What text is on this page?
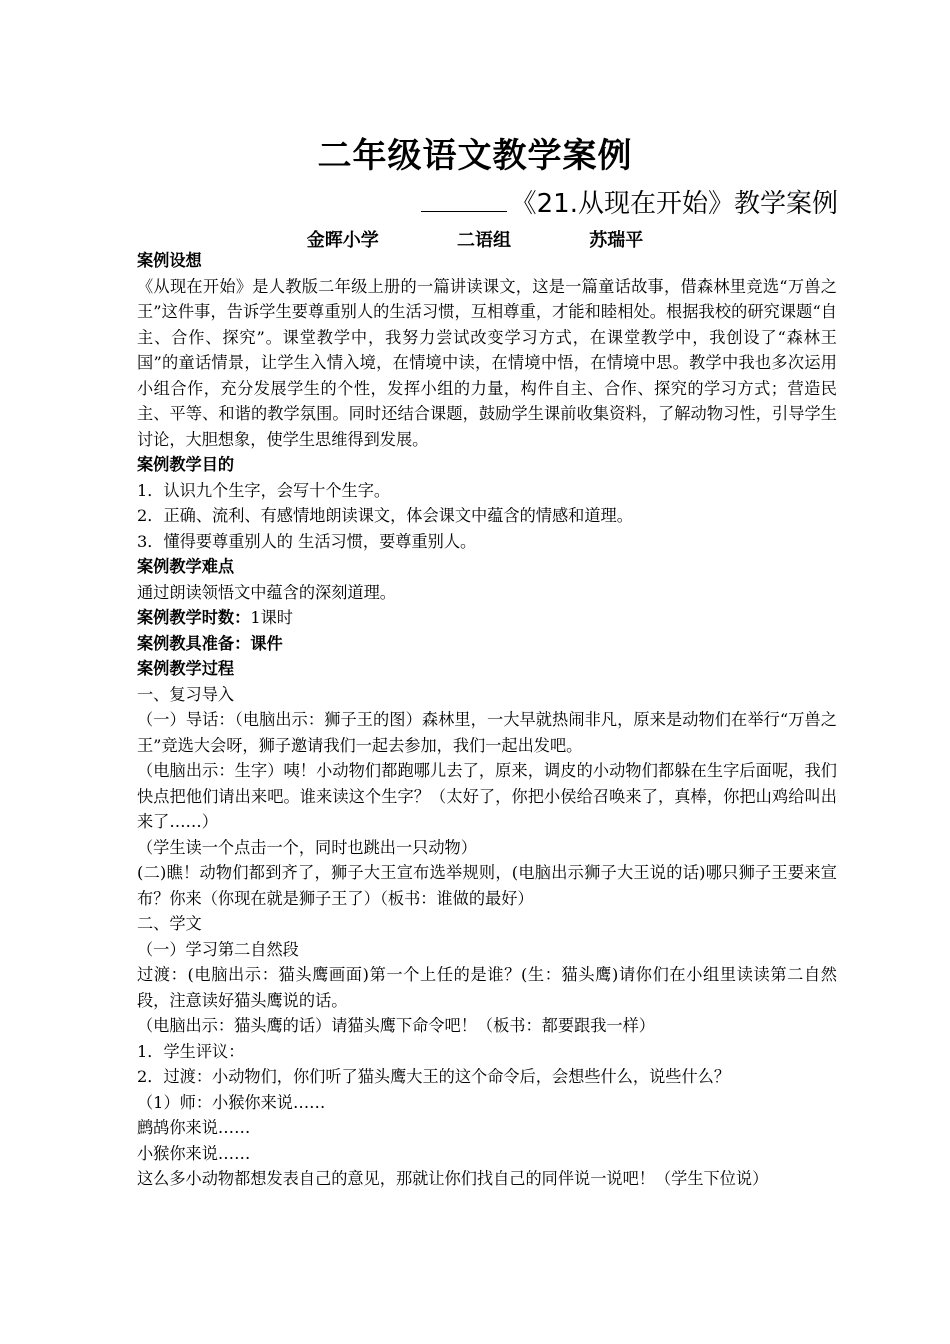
二年级语文教学案例
《21.从现在开始》教学案例
金晖小学	二语组	苏瑞平

案例设想

《从现在开始》是人教版二年级上册的一篇讲读课文，这是一篇童话故事，借森林里竞选“万兽之王”这件事，告诉学生要尊重别人的生活习惯，互相尊重，才能和睦相处。根据我校的研究课题“自主、合作、探究”。课堂教学中，我努力尝试改变学习方式，在课堂教学中，我创设了“森林王国”的童话情景，让学生入情入境，在情境中读，在情境中悟，在情境中思。教学中我也多次运用小组合作，充分发展学生的个性，发挥小组的力量，构件自主、合作、探究的学习方式；营造民主、平等、和谐的教学氛围。同时还结合课题，鼓励学生课前收集资料，了解动物习性，引导学生讨论，大胆想象，使学生思维得到发展。

案例教学目的

1．认识九个生字，会写十个生字。

2．正确、流利、有感情地朗读课文，体会课文中蕴含的情感和道理。

3．懂得要尊重别人的 生活习惯，要尊重别人。

案例教学难点

通过朗读领悟文中蕴含的深刻道理。

案例教学时数：1课时

案例教具准备：课件

案例教学过程

一、复习导入

（一）导话：（电脑出示：狮子王的图）森林里，一大早就热闹非凡，原来是动物们在举行“万兽之王”竞选大会呀，狮子邀请我们一起去参加，我们一起出发吧。

（电脑出示：生字）咦！小动物们都跑哪儿去了，原来，调皮的小动物们都躲在生字后面呢，我们快点把他们请出来吧。谁来读这个生字？（太好了，你把小侯给召唤来了，真棒，你把山鸡给叫出来了……）

（学生读一个点击一个，同时也跳出一只动物）

(二)瞧！动物们都到齐了，狮子大王宣布选举规则，(电脑出示狮子大王说的话)哪只狮子王要来宣布？你来（你现在就是狮子王了）（板书：谁做的最好）

二、学文

（一）学习第二自然段

过渡：(电脑出示：猫头鹰画面)第一个上任的是谁？(生：猫头鹰)请你们在小组里读读第二自然段，注意读好猫头鹰说的话。

（电脑出示：猫头鹰的话）请猫头鹰下命令吧！（板书：都要跟我一样）

1．学生评议：

2．过渡：小动物们，你们听了猫头鹰大王的这个命令后，会想些什么，说些什么？

（1）师：小猴你来说……

鹧鸪你来说……

小猴你来说……

这么多小动物都想发表自己的意见，那就让你们找自己的同伴说一说吧！（学生下位说）
